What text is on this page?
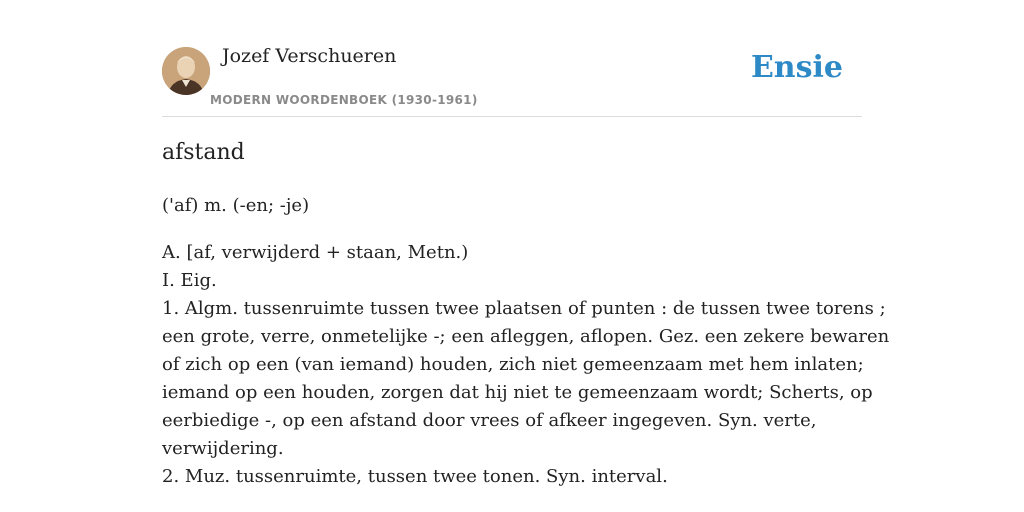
Jozef Verschueren
MODERN WOORDENBOEK (1930-1961)
Ensie
afstand
('af) m. (-en; -je)
A. [af, verwijderd + staan, Metn.)
I. Eig.
1. Algm. tussenruimte tussen twee plaatsen of punten : de tussen twee torens ;
een grote, verre, onmetelijke -; een afleggen, aflopen. Gez. een zekere bewaren
of zich op een (van iemand) houden, zich niet gemeenzaam met hem inlaten;
iemand op een houden, zorgen dat hij niet te gemeenzaam wordt; Scherts, op
eerbiedige -, op een afstand door vrees of afkeer ingegeven. Syn. verte,
verwijdering.
2. Muz. tussenruimte, tussen twee tonen. Syn. interval.
